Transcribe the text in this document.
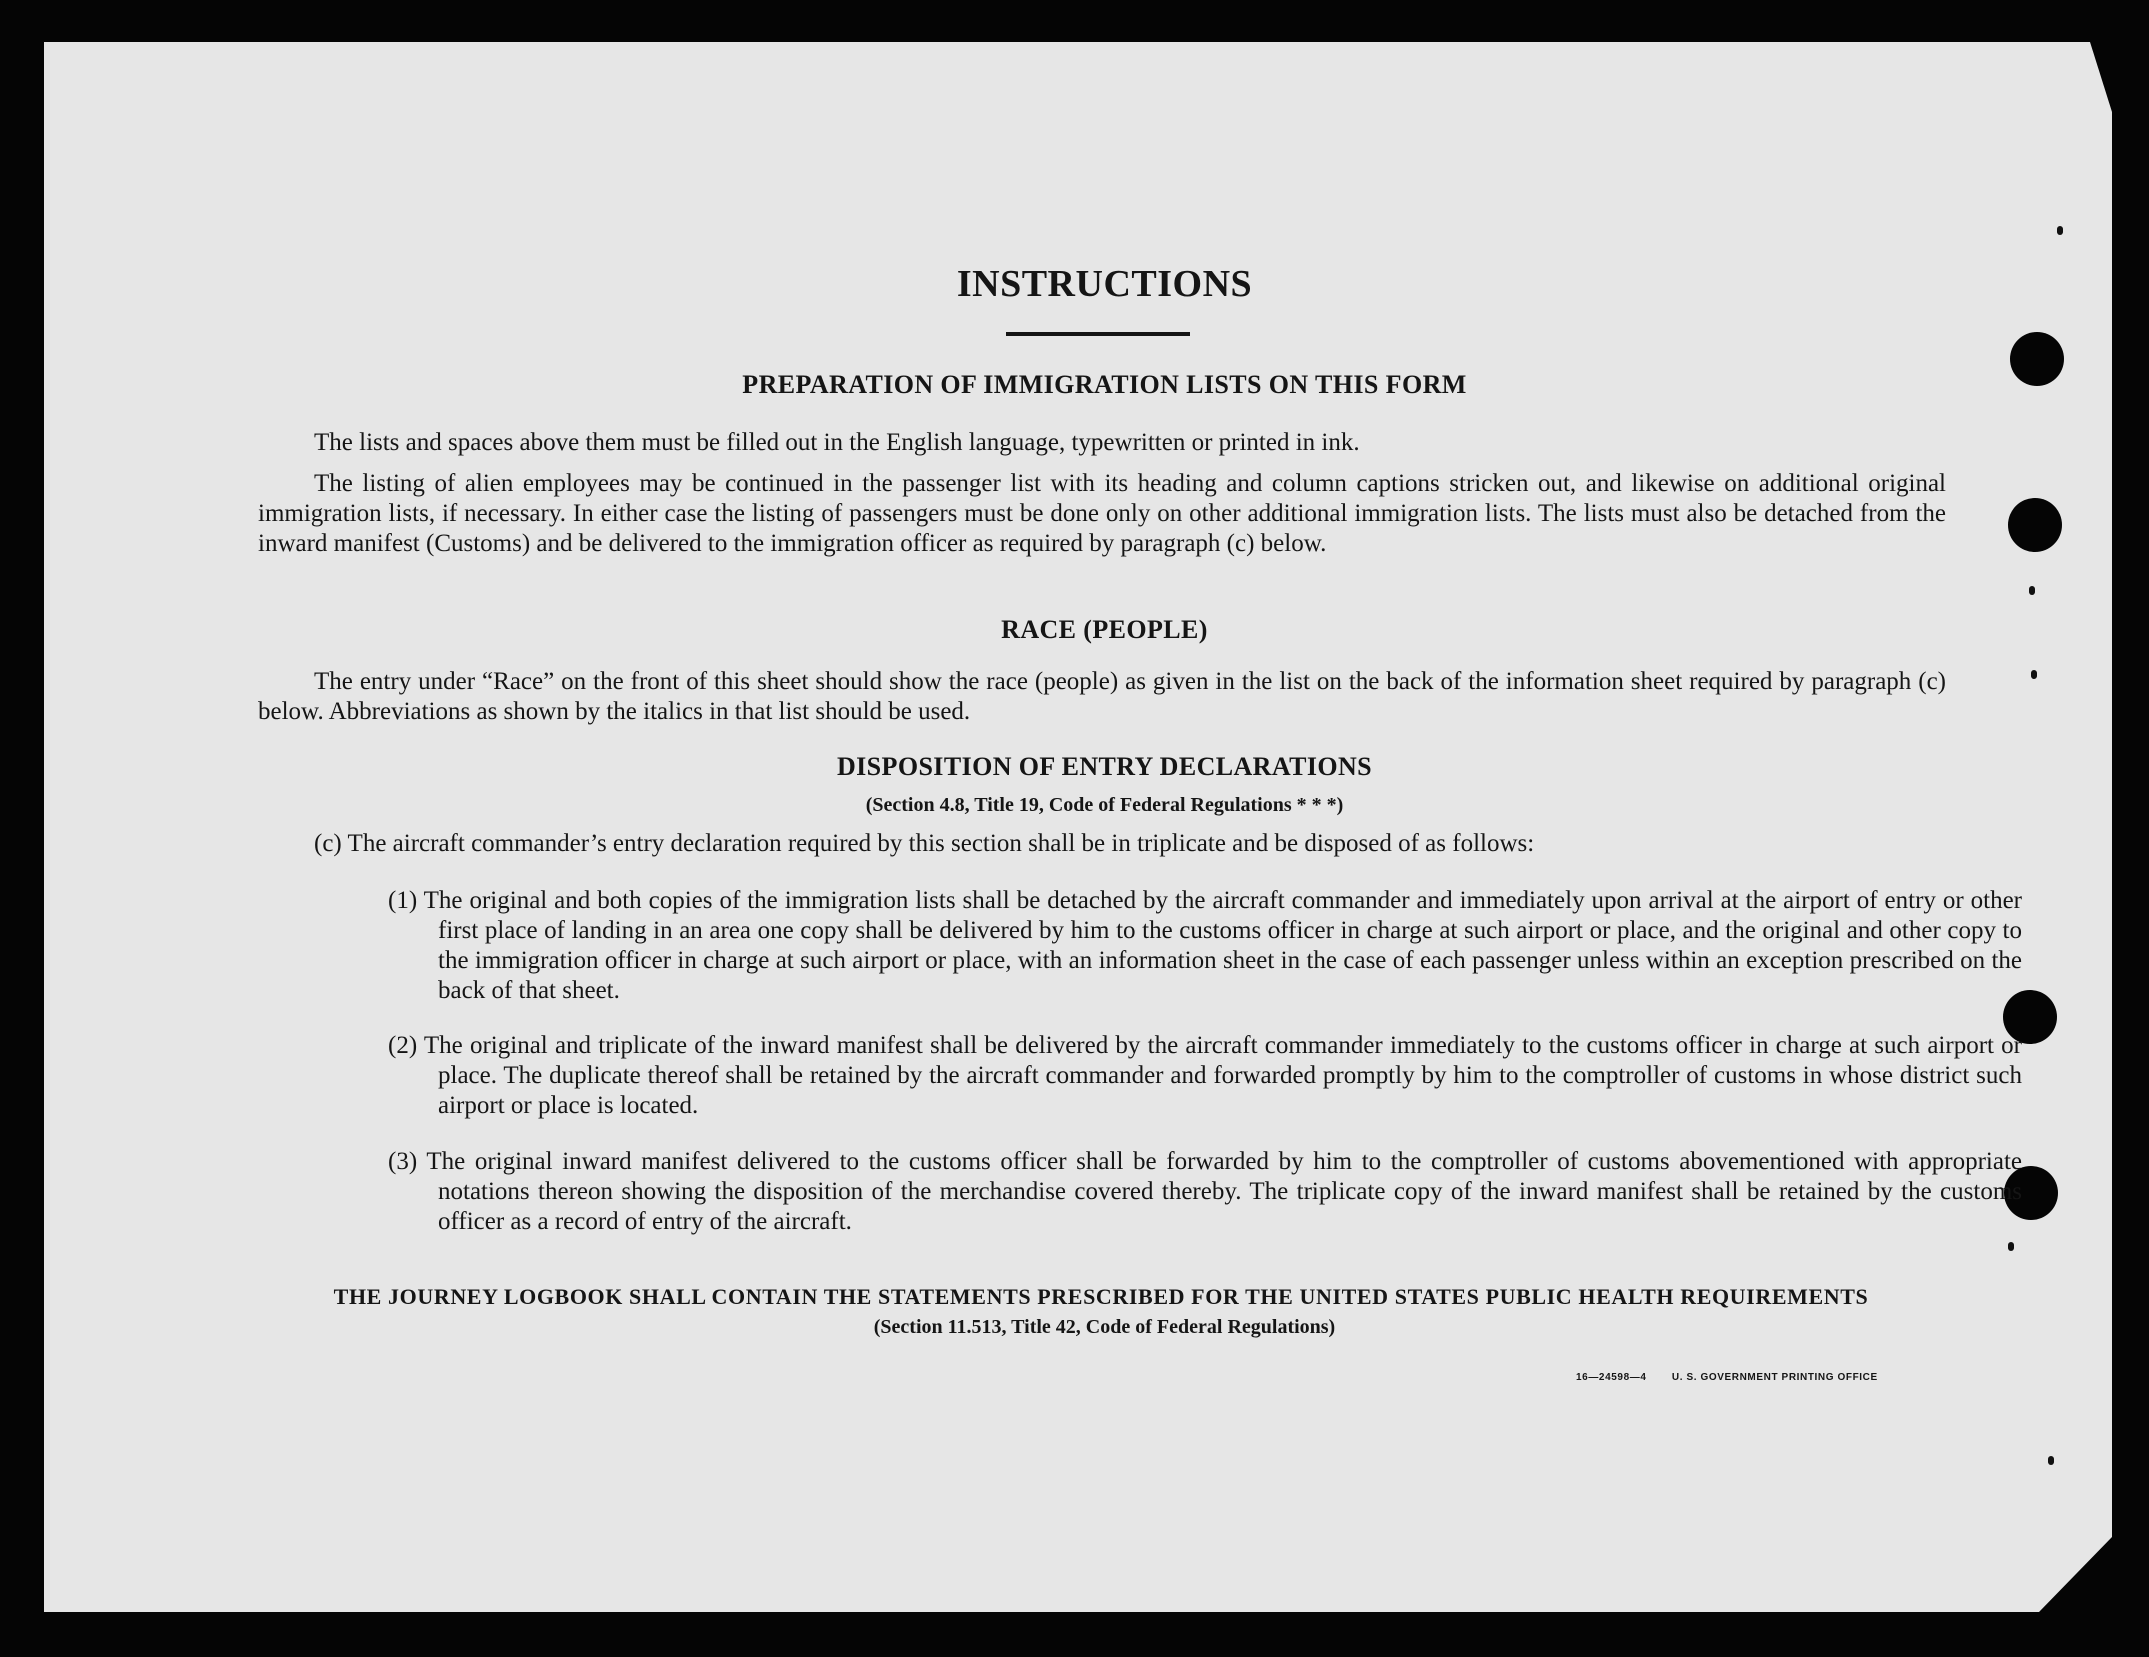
INSTRUCTIONS
PREPARATION OF IMMIGRATION LISTS ON THIS FORM
The lists and spaces above them must be filled out in the English language, typewritten or printed in ink.
The listing of alien employees may be continued in the passenger list with its heading and column captions stricken out, and likewise on additional original immigration lists, if necessary. In either case the listing of passengers must be done only on other additional immigration lists. The lists must also be detached from the inward manifest (Customs) and be delivered to the immigration officer as required by paragraph (c) below.
RACE (PEOPLE)
The entry under “Race” on the front of this sheet should show the race (people) as given in the list on the back of the information sheet required by paragraph (c) below. Abbreviations as shown by the italics in that list should be used.
DISPOSITION OF ENTRY DECLARATIONS
(Section 4.8, Title 19, Code of Federal Regulations * * *)
(c) The aircraft commander’s entry declaration required by this section shall be in triplicate and be disposed of as follows:
(1) The original and both copies of the immigration lists shall be detached by the aircraft commander and immediately upon arrival at the airport of entry or other first place of landing in an area one copy shall be delivered by him to the customs officer in charge at such airport or place, and the original and other copy to the immigration officer in charge at such airport or place, with an information sheet in the case of each passenger unless within an exception prescribed on the back of that sheet.
(2) The original and triplicate of the inward manifest shall be delivered by the aircraft commander immediately to the customs officer in charge at such airport or place. The duplicate thereof shall be retained by the aircraft commander and forwarded promptly by him to the comptroller of customs in whose district such airport or place is located.
(3) The original inward manifest delivered to the customs officer shall be forwarded by him to the comptroller of customs abovementioned with appropriate notations thereon showing the disposition of the merchandise covered thereby. The triplicate copy of the inward manifest shall be retained by the customs officer as a record of entry of the aircraft.
THE JOURNEY LOGBOOK SHALL CONTAIN THE STATEMENTS PRESCRIBED FOR THE UNITED STATES PUBLIC HEALTH REQUIREMENTS
(Section 11.513, Title 42, Code of Federal Regulations)
16—24598—4	U. S. GOVERNMENT PRINTING OFFICE
